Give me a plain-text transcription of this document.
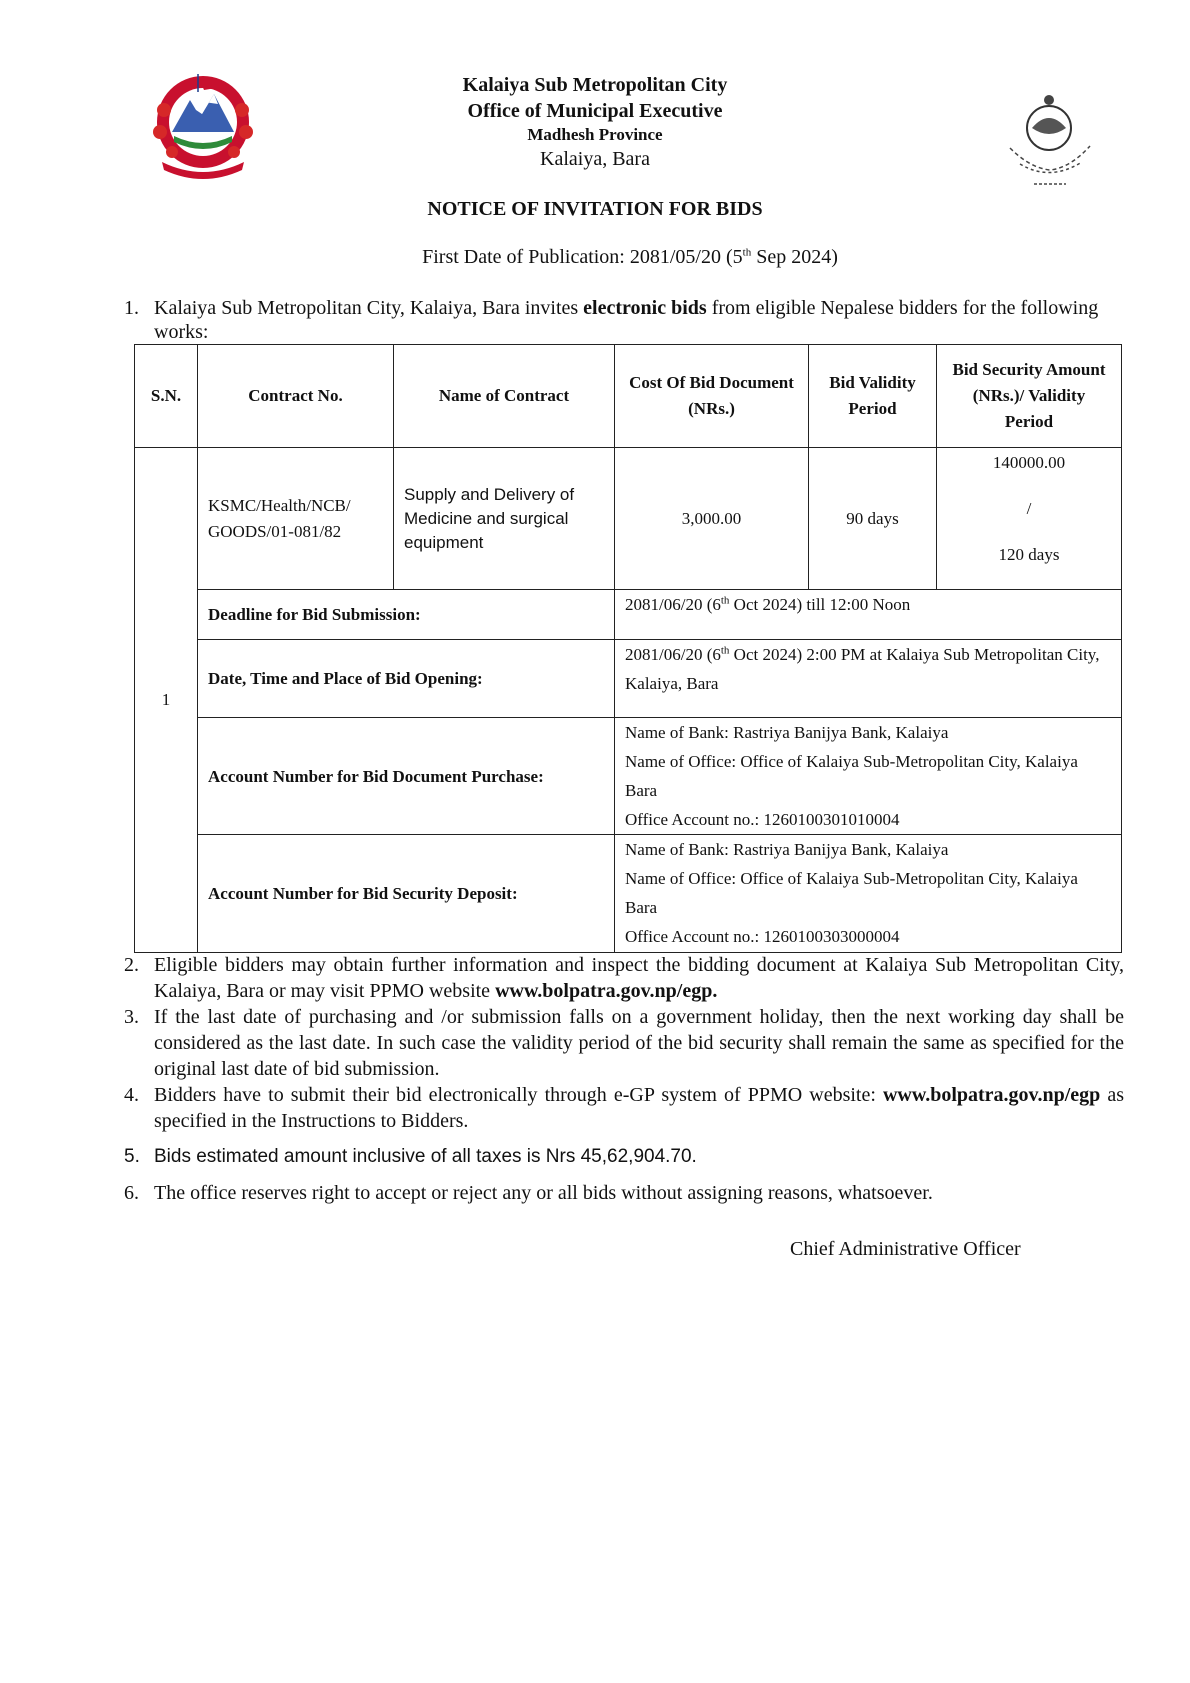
Kalaiya Sub Metropolitan City
Office of Municipal Executive
Madhesh Province
Kalaiya, Bara
NOTICE OF INVITATION FOR BIDS
First Date of Publication: 2081/05/20 (5th Sep 2024)
1. Kalaiya Sub Metropolitan City, Kalaiya, Bara invites electronic bids from eligible Nepalese bidders for the following works:
S.N.	Contract No.	Name of Contract	Cost Of Bid Document (NRs.)	Bid Validity Period	Bid Security Amount (NRs.)/ Validity Period
1	KSMC/Health/NCB/ GOODS/01-081/82	Supply and Delivery of Medicine and surgical equipment	3,000.00	90 days	140000.00
/
120 days

	Deadline for Bid Submission:		2081/06/20 (6th Oct 2024) till 12:00 Noon		
	Date, Time and Place of Bid Opening:		2081/06/20 (6th Oct 2024) 2:00 PM at Kalaiya Sub Metropolitan City, Kalaiya, Bara		
	Account Number for Bid Document Purchase:		Name of Bank: Rastriya Banijya Bank, Kalaiya
Name of Office: Office of Kalaiya Sub-Metropolitan City, Kalaiya Bara
Office Account no.: 1260100301010004		

	Account Number for Bid Security Deposit:		Name of Bank: Rastriya Banijya Bank, Kalaiya
Name of Office: Office of Kalaiya Sub-Metropolitan City, Kalaiya Bara
Office Account no.: 1260100303000004		
2. Eligible bidders may obtain further information and inspect the bidding document at Kalaiya Sub Metropolitan City, Kalaiya, Bara or may visit PPMO website www.bolpatra.gov.np/egp.
3. If the last date of purchasing and /or submission falls on a government holiday, then the next working day shall be considered as the last date. In such case the validity period of the bid security shall remain the same as specified for the original last date of bid submission.
4. Bidders have to submit their bid electronically through e-GP system of PPMO website: www.bolpatra.gov.np/egp as specified in the Instructions to Bidders.
5. Bids estimated amount inclusive of all taxes is Nrs 45,62,904.70.
6. The office reserves right to accept or reject any or all bids without assigning reasons, whatsoever.
Chief Administrative Officer
